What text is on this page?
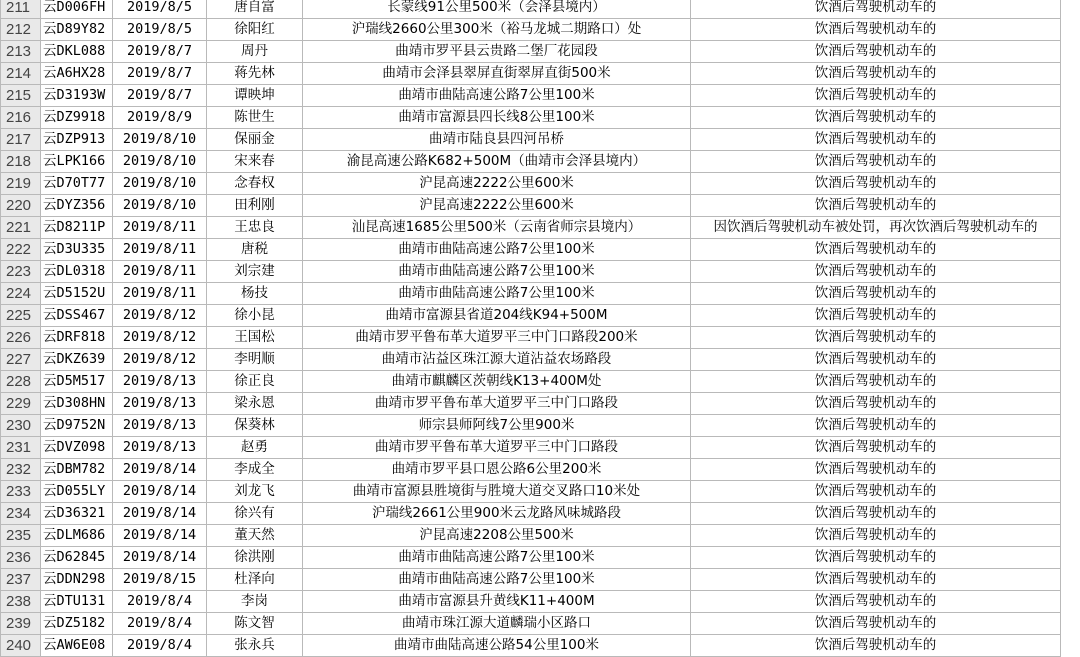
211	云D006FH	2019/8/5	唐自富	长蒙线91公里500米（会泽县境内）	饮酒后驾驶机动车的
212	云D89Y82	2019/8/5	徐阳红	沪瑞线2660公里300米（裕马龙城二期路口）处	饮酒后驾驶机动车的
213	云DKL088	2019/8/7	周丹	曲靖市罗平县云贵路二堡厂花园段	饮酒后驾驶机动车的
214	云A6HX28	2019/8/7	蒋先林	曲靖市会泽县翠屏直街翠屏直街500米	饮酒后驾驶机动车的
215	云D3193W	2019/8/7	谭映坤	曲靖市曲陆高速公路7公里100米	饮酒后驾驶机动车的
216	云DZ9918	2019/8/9	陈世生	曲靖市富源县四长线8公里100米	饮酒后驾驶机动车的
217	云DZP913	2019/8/10	保丽金	曲靖市陆良县四河吊桥	饮酒后驾驶机动车的
218	云LPK166	2019/8/10	宋来春	渝昆高速公路K682+500M（曲靖市会泽县境内）	饮酒后驾驶机动车的
219	云D70T77	2019/8/10	念春权	沪昆高速2222公里600米	饮酒后驾驶机动车的
220	云DYZ356	2019/8/10	田利刚	沪昆高速2222公里600米	饮酒后驾驶机动车的
221	云D8211P	2019/8/11	王忠良	汕昆高速1685公里500米（云南省师宗县境内）	因饮酒后驾驶机动车被处罚，再次饮酒后驾驶机动车的
222	云D3U335	2019/8/11	唐税	曲靖市曲陆高速公路7公里100米	饮酒后驾驶机动车的
223	云DL0318	2019/8/11	刘宗建	曲靖市曲陆高速公路7公里100米	饮酒后驾驶机动车的
224	云D5152U	2019/8/11	杨技	曲靖市曲陆高速公路7公里100米	饮酒后驾驶机动车的
225	云DSS467	2019/8/12	徐小昆	曲靖市富源县省道204线K94+500M	饮酒后驾驶机动车的
226	云DRF818	2019/8/12	王国松	曲靖市罗平鲁布革大道罗平三中门口路段200米	饮酒后驾驶机动车的
227	云DKZ639	2019/8/12	李明顺	曲靖市沾益区珠江源大道沾益农场路段	饮酒后驾驶机动车的
228	云D5M517	2019/8/13	徐正良	曲靖市麒麟区茨朝线K13+400M处	饮酒后驾驶机动车的
229	云D308HN	2019/8/13	梁永恩	曲靖市罗平鲁布革大道罗平三中门口路段	饮酒后驾驶机动车的
230	云D9752N	2019/8/13	保葵林	师宗县师阿线7公里900米	饮酒后驾驶机动车的
231	云DVZ098	2019/8/13	赵勇	曲靖市罗平鲁布革大道罗平三中门口路段	饮酒后驾驶机动车的
232	云DBM782	2019/8/14	李成全	曲靖市罗平县口恩公路6公里200米	饮酒后驾驶机动车的
233	云D055LY	2019/8/14	刘龙飞	曲靖市富源县胜境街与胜境大道交叉路口10米处	饮酒后驾驶机动车的
234	云D36321	2019/8/14	徐兴有	沪瑞线2661公里900米云龙路风味城路段	饮酒后驾驶机动车的
235	云DLM686	2019/8/14	董天然	沪昆高速2208公里500米	饮酒后驾驶机动车的
236	云D62845	2019/8/14	徐洪刚	曲靖市曲陆高速公路7公里100米	饮酒后驾驶机动车的
237	云DDN298	2019/8/15	杜泽向	曲靖市曲陆高速公路7公里100米	饮酒后驾驶机动车的
238	云DTU131	2019/8/4	李岗	曲靖市富源县升黄线K11+400M	饮酒后驾驶机动车的
239	云DZ5182	2019/8/4	陈文智	曲靖市珠江源大道麟瑞小区路口	饮酒后驾驶机动车的
240	云AW6E08	2019/8/4	张永兵	曲靖市曲陆高速公路54公里100米	饮酒后驾驶机动车的
